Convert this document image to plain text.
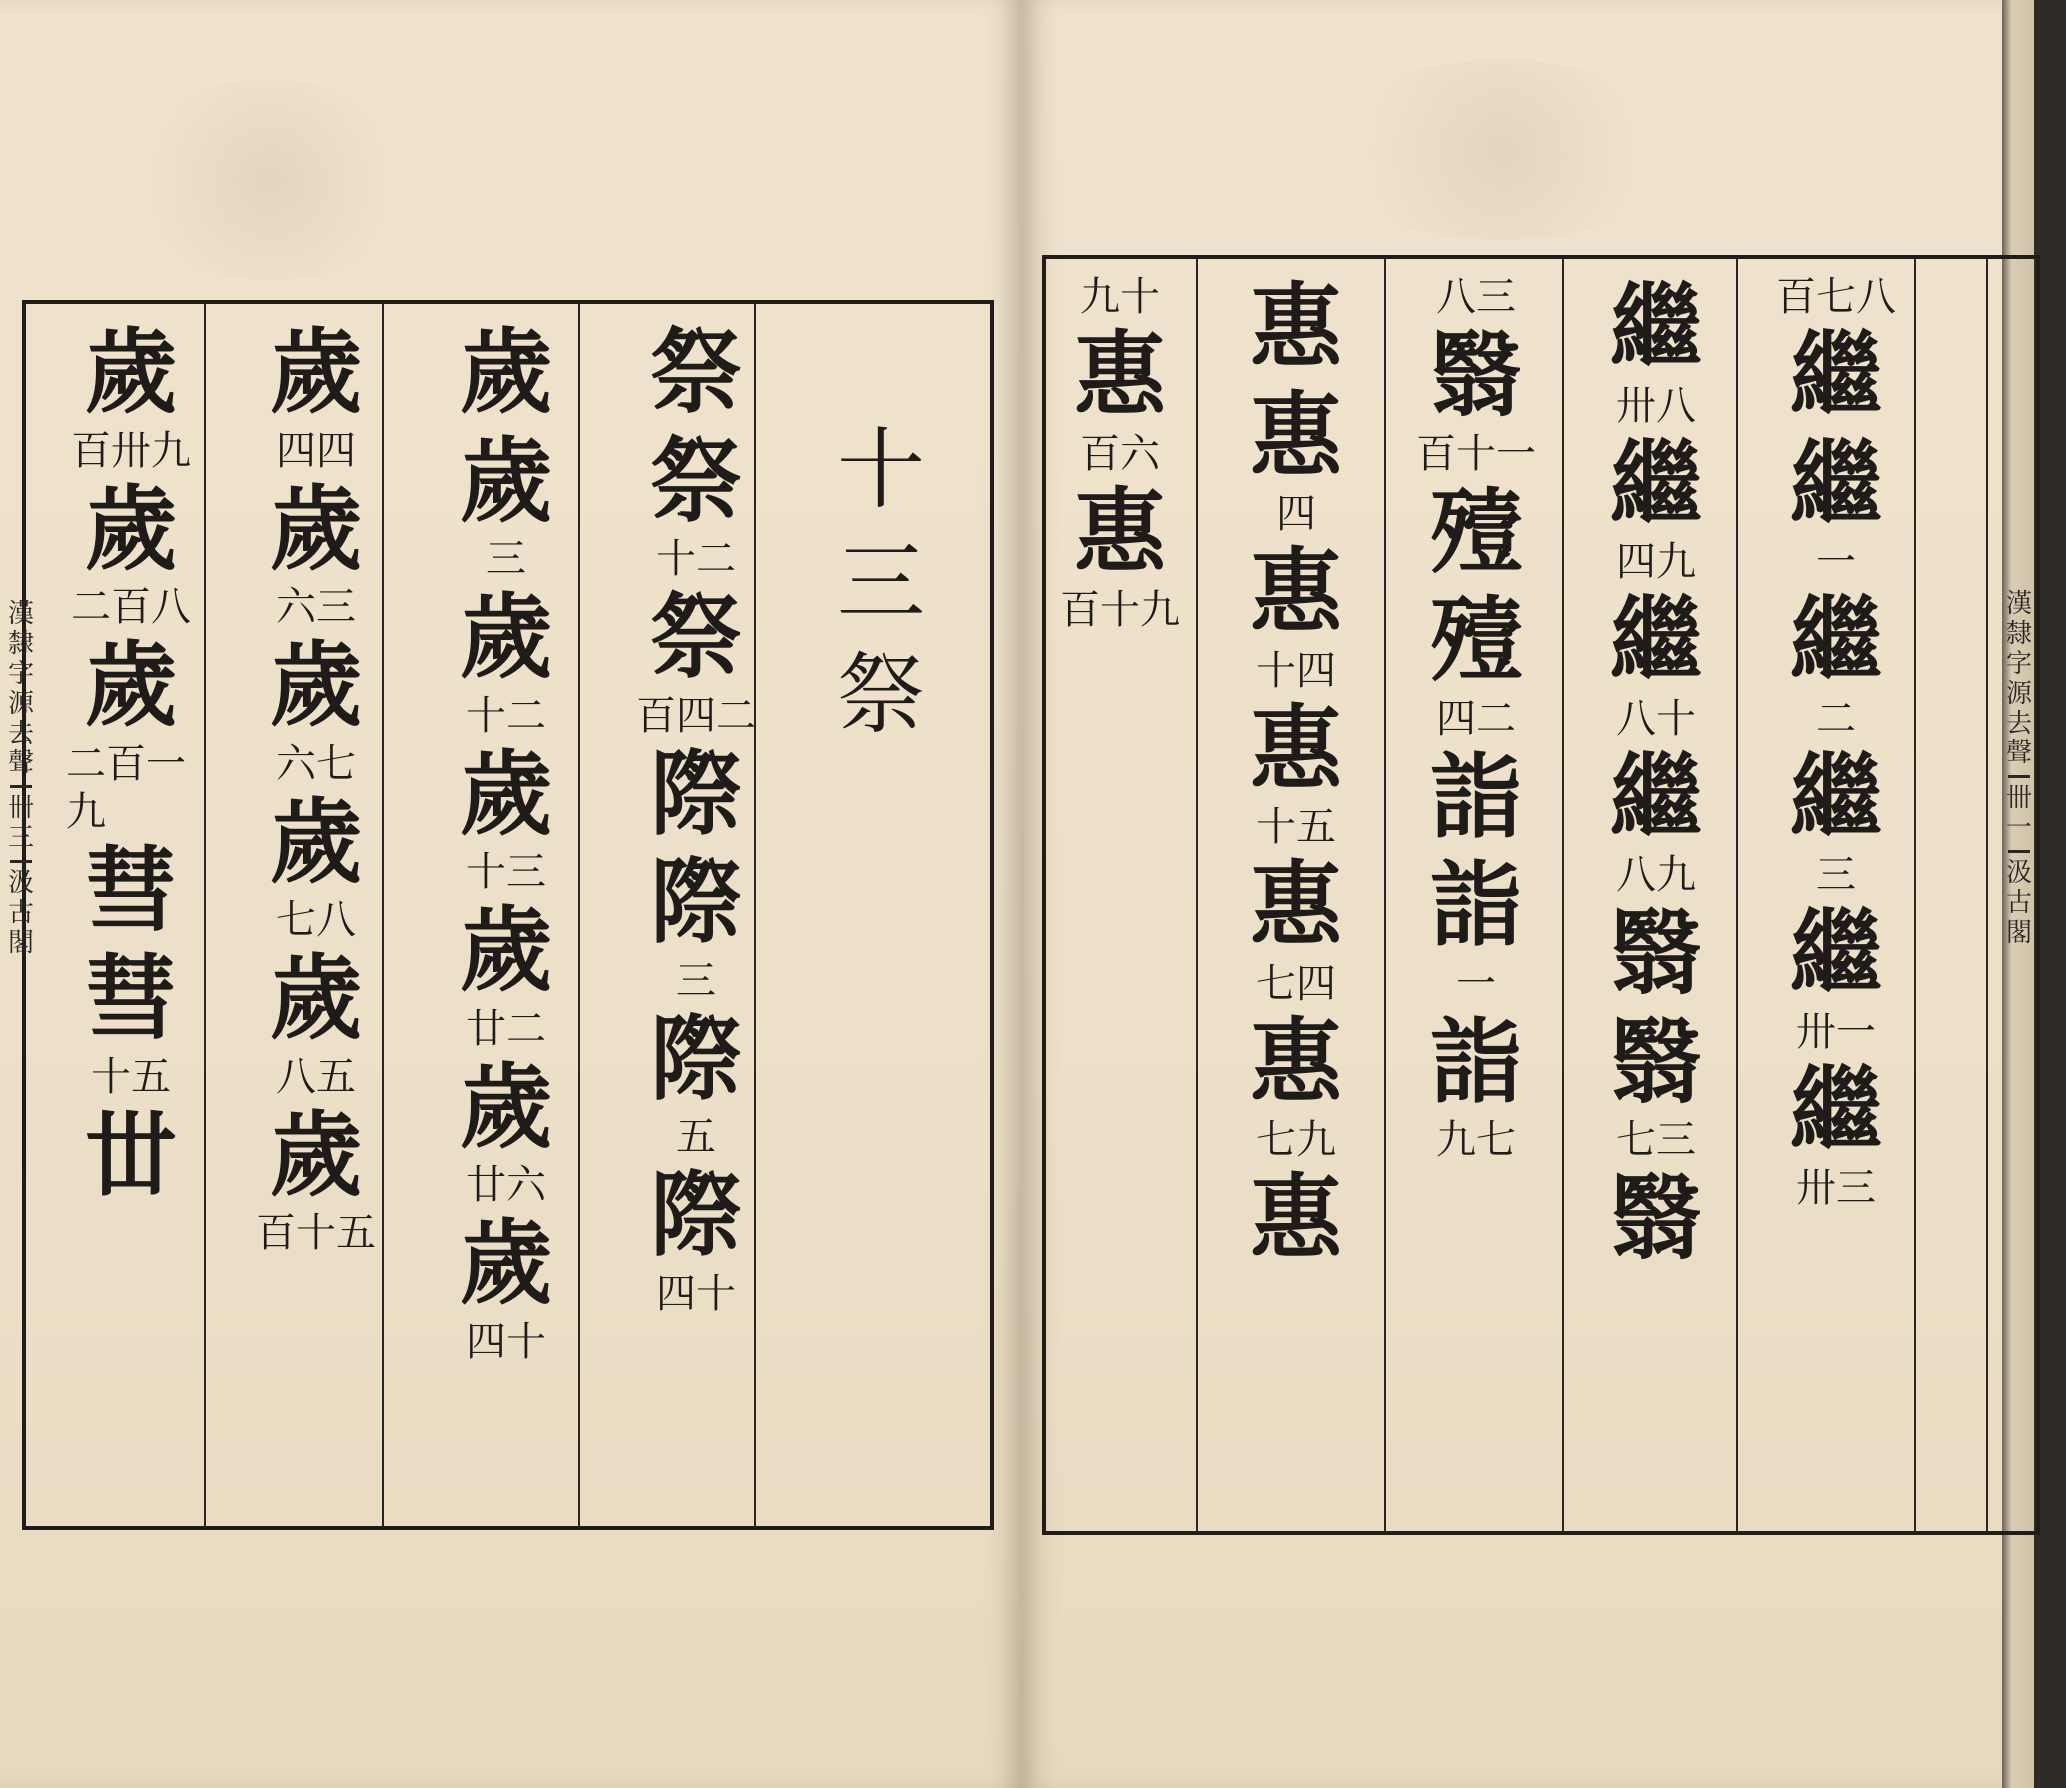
十
三
祭
祭
祭
十二
祭
百四二
際
際
三
際
五
際
四十
歲
歲
三
歲
十二
歲
十三
歲
廿二
歲
廿六
歲
四十
歲
四四
歲
六三
歲
六七
歲
七八
歲
八五
歲
百十五
歲
百卅九
歲
二百八
歲
二百一九
彗
彗
十五
丗
漢
隸
字
源
去
聲
卌
三
汲
古
閣
百七八
繼
繼
一
繼
二
繼
三
繼
卅一
繼
卅三
繼
卅八
繼
四九
繼
八十
繼
八九
翳
翳
七三
翳
八三
翳
百十一
殪
殪
四二
詣
詣
一
詣
九七
惠
惠
四
惠
十四
惠
十五
惠
七四
惠
七九
惠
九十
惠
百六
惠
百十九	漢
隸
字
源
去
聲
卌
一
汲
古
閣
